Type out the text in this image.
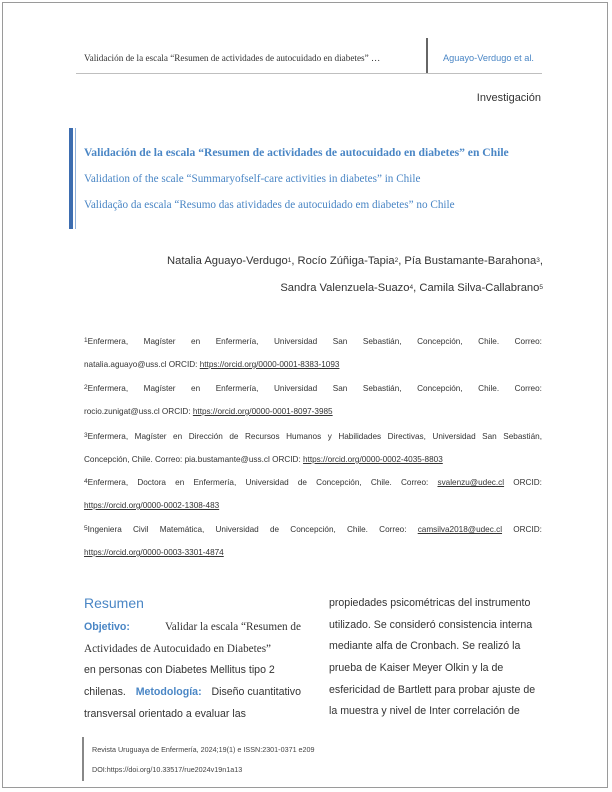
Validación de la escala “Resumen de actividades de autocuidado en diabetes” …	Aguayo-Verdugo et al.
Investigación
Validación de la escala “Resumen de actividades de autocuidado en diabetes” en Chile
Validation of the scale “Summaryofself-care activities in diabetes” in Chile
Validação da escala “Resumo das atividades de autocuidado em diabetes” no Chile
Natalia Aguayo-Verdugo$^1$, Rocío Zúñiga-Tapia$^2$, Pía Bustamante-Barahona$^3$,
Sandra Valenzuela-Suazo$^4$, Camila Silva-Callabrano$^5$
$^1$Enfermera, Magíster en Enfermería, Universidad San Sebastián, Concepción, Chile. Correo:
natalia.aguayo@uss.cl ORCID: https://orcid.org/0000-0001-8383-1093
$^2$Enfermera, Magíster en Enfermería, Universidad San Sebastián, Concepción, Chile. Correo:
rocio.zunigat@uss.cl ORCID: https://orcid.org/0000-0001-8097-3985
$^3$Enfermera, Magíster en Dirección de Recursos Humanos y Habilidades Directivas, Universidad San Sebastián,
Concepción, Chile. Correo: pia.bustamante@uss.cl ORCID: https://orcid.org/0000-0002-4035-8803
$^4$Enfermera, Doctora en Enfermería, Universidad de Concepción, Chile. Correo: svalenzu@udec.cl ORCID:
https://orcid.org/0000-0002-1308-483
$^5$Ingeniera Civil Matemática, Universidad de Concepción, Chile. Correo: camsilva2018@udec.cl ORCID:
https://orcid.org/0000-0003-3301-4874
Resumen
Objetivo:	Validar la escala “Resumen de
Actividades de Autocuidado en Diabetes”
en personas con Diabetes Mellitus tipo 2
chilenas. Metodología: Diseño cuantitativo
transversal orientado a evaluar las
propiedades psicométricas del instrumento
utilizado. Se consideró consistencia interna
mediante alfa de Cronbach. Se realizó la
prueba de Kaiser Meyer Olkin y la de
esfericidad de Bartlett para probar ajuste de
la muestra y nivel de Inter correlación de
Revista Uruguaya de Enfermería, 2024;19(1) e ISSN:2301-0371 e209
DOI:https://doi.org/10.33517/rue2024v19n1a13
